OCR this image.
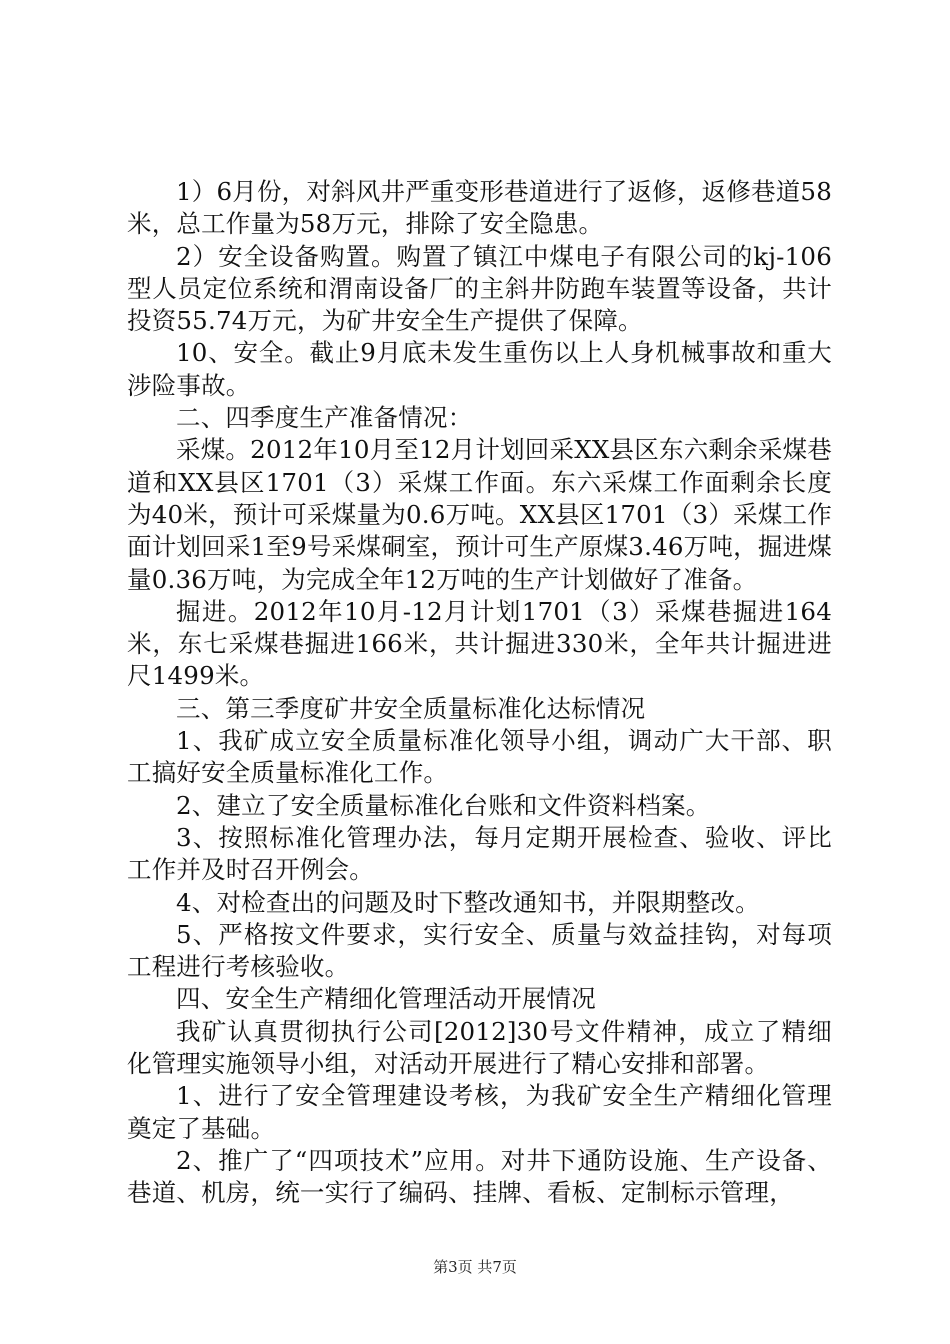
1）6月份，对斜风井严重变形巷道进行了返修，返修巷道58米，总工作量为58万元，排除了安全隐患。

2）安全设备购置。购置了镇江中煤电子有限公司的kj-106型人员定位系统和渭南设备厂的主斜井防跑车装置等设备，共计投资55.74万元，为矿井安全生产提供了保障。

10、安全。截止9月底未发生重伤以上人身机械事故和重大涉险事故。

二、四季度生产准备情况：

采煤。2012年10月至12月计划回采XX县区东六剩余采煤巷道和XX县区1701（3）采煤工作面。东六采煤工作面剩余长度为40米，预计可采煤量为0.6万吨。XX县区1701（3）采煤工作面计划回采1至9号采煤硐室，预计可生产原煤3.46万吨，掘进煤量0.36万吨，为完成全年12万吨的生产计划做好了准备。

掘进。2012年10月-12月计划1701（3）采煤巷掘进164米，东七采煤巷掘进166米，共计掘进330米，全年共计掘进进尺1499米。

三、第三季度矿井安全质量标准化达标情况

1、我矿成立安全质量标准化领导小组，调动广大干部、职工搞好安全质量标准化工作。

2、建立了安全质量标准化台账和文件资料档案。

3、按照标准化管理办法，每月定期开展检查、验收、评比工作并及时召开例会。

4、对检查出的问题及时下整改通知书，并限期整改。

5、严格按文件要求，实行安全、质量与效益挂钩，对每项工程进行考核验收。

四、安全生产精细化管理活动开展情况

我矿认真贯彻执行公司[2012]30号文件精神，成立了精细化管理实施领导小组，对活动开展进行了精心安排和部署。

1、进行了安全管理建设考核，为我矿安全生产精细化管理奠定了基础。

2、推广了“四项技术”应用。对井下通防设施、生产设备、巷道、机房，统一实行了编码、挂牌、看板、定制标示管理，

第3页 共7页
